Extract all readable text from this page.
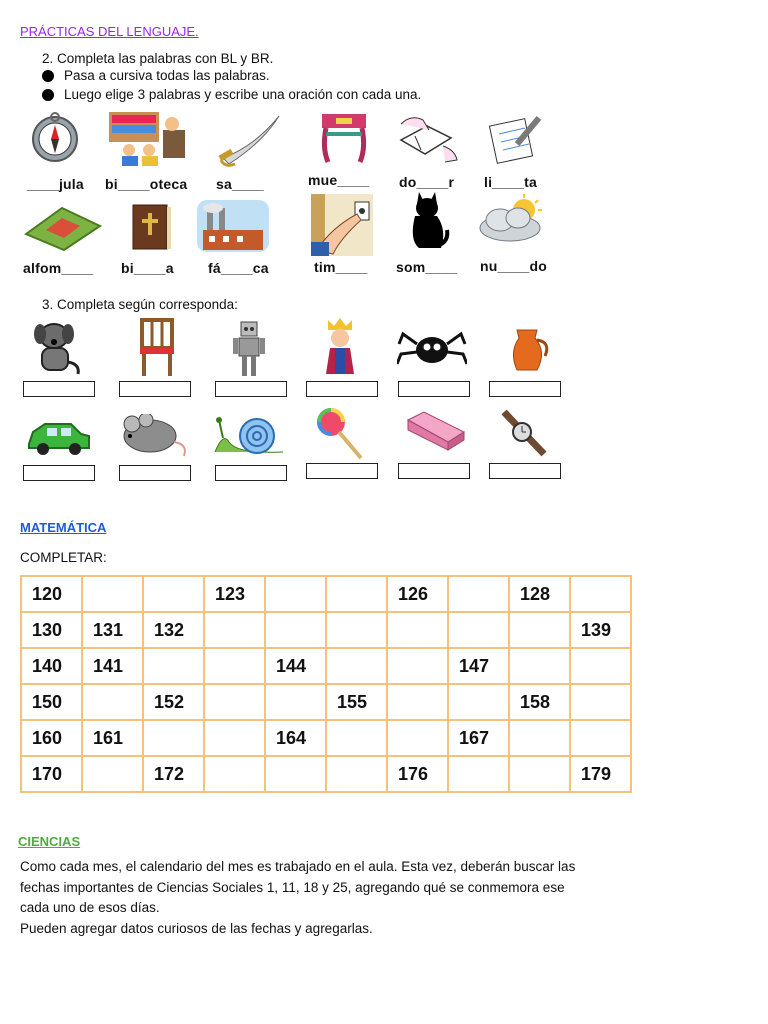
PRÁCTICAS DEL LENGUAJE.
2. Completa las palabras con BL y BR.
Pasa a cursiva todas las palabras.
Luego elige 3 palabras y escribe una oración con cada una.
____jula bi____oteca sa____	mue____ do____r li____ta
alfom____ bi____a fá____ca	tim____ som____ nu____do
3. Completa según corresponda:
MATEMÁTICA
COMPLETAR:
120			123			126		128	
130	131	132							139
140	141			144			147		
150		152			155			158	
160	161			164			167		
170		172				176			179
CIENCIAS
Como cada mes, el calendario del mes es trabajado en el aula. Esta vez, deberán buscar las
fechas importantes de Ciencias Sociales 1, 11, 18 y 25, agregando qué se conmemora ese
cada uno de esos días.
Pueden agregar datos curiosos de las fechas y agregarlas.
